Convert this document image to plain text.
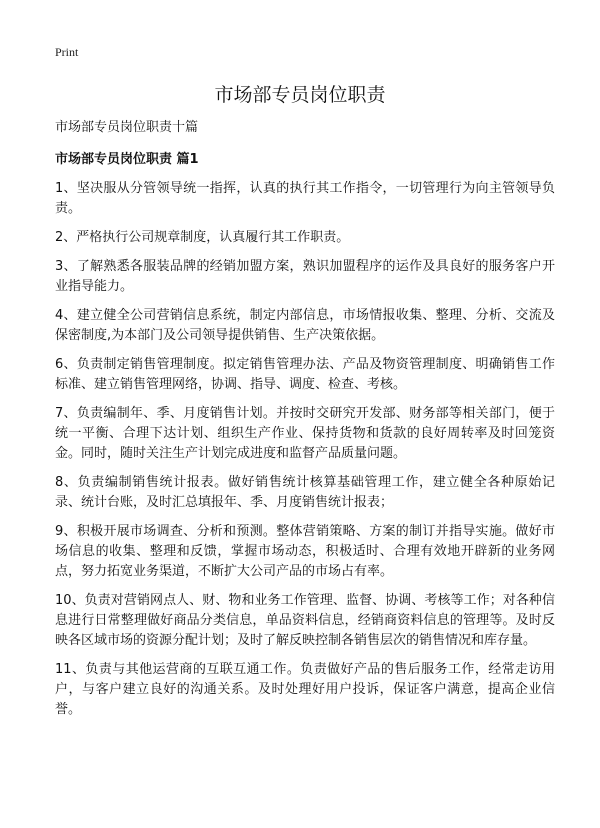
Print
市场部专员岗位职责

市场部专员岗位职责十篇

市场部专员岗位职责 篇1

1、坚决服从分管领导统一指挥，认真的执行其工作指令，一切管理行为向主管领导负责。

2、严格执行公司规章制度，认真履行其工作职责。

3、了解熟悉各服装品牌的经销加盟方案，熟识加盟程序的运作及具良好的服务客户开业指导能力。

4、建立健全公司营销信息系统，制定内部信息，市场情报收集、整理、分析、交流及保密制度,为本部门及公司领导提供销售、生产决策依据。

6、负责制定销售管理制度。拟定销售管理办法、产品及物资管理制度、明确销售工作标准、建立销售管理网络，协调、指导、调度、检查、考核。

7、负责编制年、季、月度销售计划。并按时交研究开发部、财务部等相关部门，便于统一平衡、合理下达计划、组织生产作业、保持货物和货款的良好周转率及时回笼资金。同时，随时关注生产计划完成进度和监督产品质量问题。

8、负责编制销售统计报表。做好销售统计核算基础管理工作，建立健全各种原始记录、统计台账，及时汇总填报年、季、月度销售统计报表；

9、积极开展市场调查、分析和预测。整体营销策略、方案的制订并指导实施。做好市场信息的收集、整理和反馈，掌握市场动态，积极适时、合理有效地开辟新的业务网点，努力拓宽业务渠道，不断扩大公司产品的市场占有率。

10、负责对营销网点人、财、物和业务工作管理、监督、协调、考核等工作；对各种信息进行日常整理做好商品分类信息，单品资料信息，经销商资料信息的管理等。及时反映各区域市场的资源分配计划；及时了解反映控制各销售层次的销售情况和库存量。

11、负责与其他运营商的互联互通工作。负责做好产品的售后服务工作，经常走访用户，与客户建立良好的沟通关系。及时处理好用户投诉，保证客户满意，提高企业信誉。
